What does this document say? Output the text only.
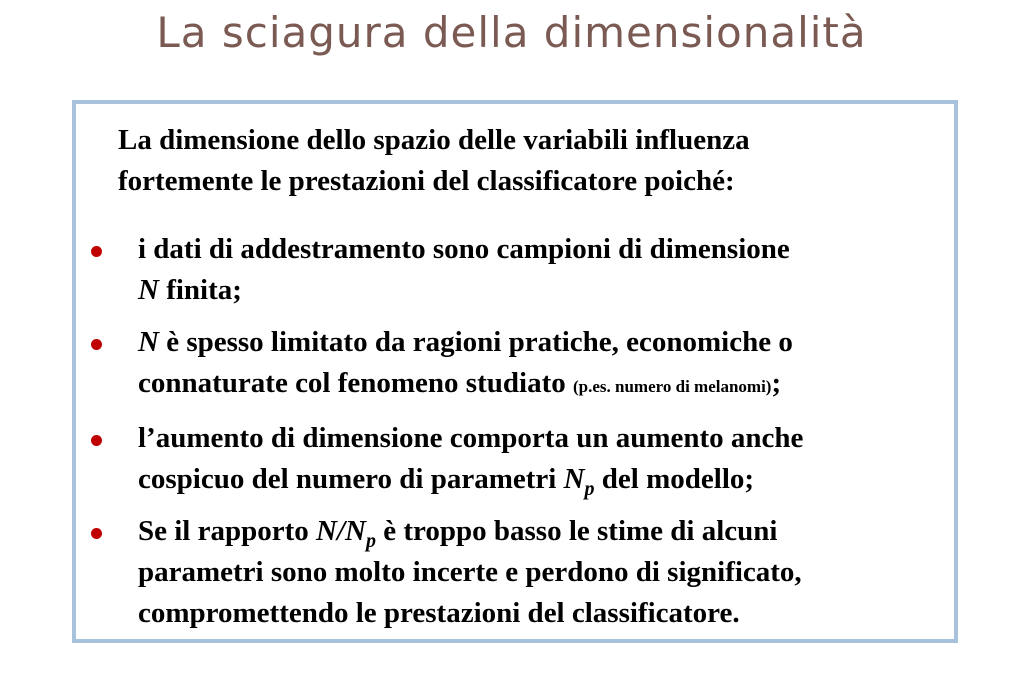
La sciagura della dimensionalità
La dimensione dello spazio delle variabili influenza
fortemente le prestazioni del classificatore poiché:
i dati di addestramento sono campioni di dimensione
N finita;
N è spesso limitato da ragioni pratiche, economiche o
connaturate col fenomeno studiato (p.es. numero di melanomi);
l’aumento di dimensione comporta un aumento anche
cospicuo del numero di parametri $N_p$ del modello;
Se il rapporto $N/N_p$ è troppo basso le stime di alcuni
parametri sono molto incerte e perdono di significato,
compromettendo le prestazioni del classificatore.
